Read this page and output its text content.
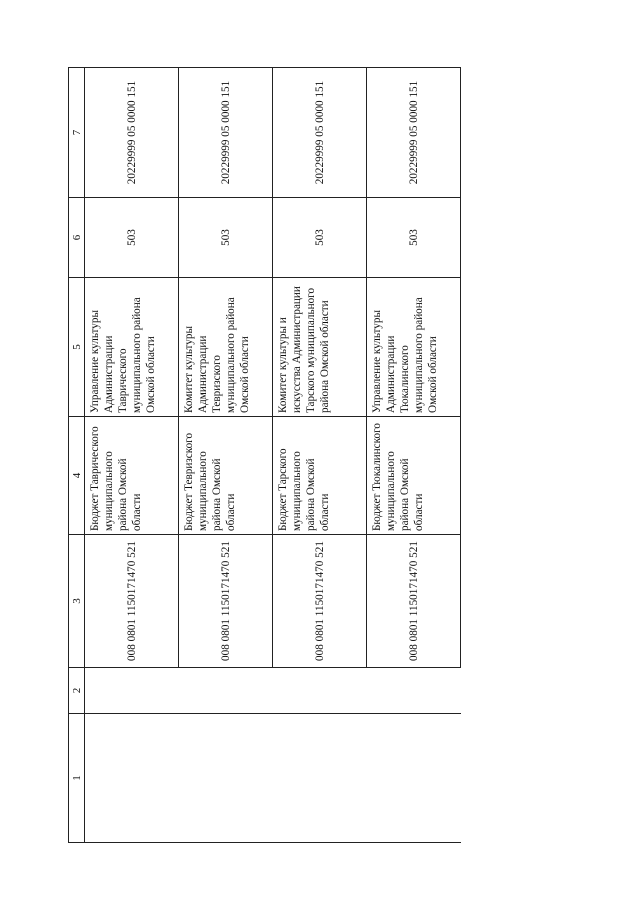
1	2	3	4	5	6	7
		008 0801 1150171470 521	Бюджет Таврического муниципального района Омской области	Управление культуры Администрации Таврического муниципального района Омской области	503	20229999 05 0000 151
		008 0801 1150171470 521	Бюджет Тевризского муниципального района Омской области	Комитет культуры Администрации Тевризского муниципального района Омской области	503	20229999 05 0000 151
		008 0801 1150171470 521	Бюджет Тарского муниципального района Омской области	Комитет культуры и искусства Администрации Тарского муниципального района Омской области	503	20229999 05 0000 151
		008 0801 1150171470 521	Бюджет Тюкалинского муниципального района Омской области	Управление культуры Администрации Тюкалинского муниципального района Омской области	503	20229999 05 0000 151
